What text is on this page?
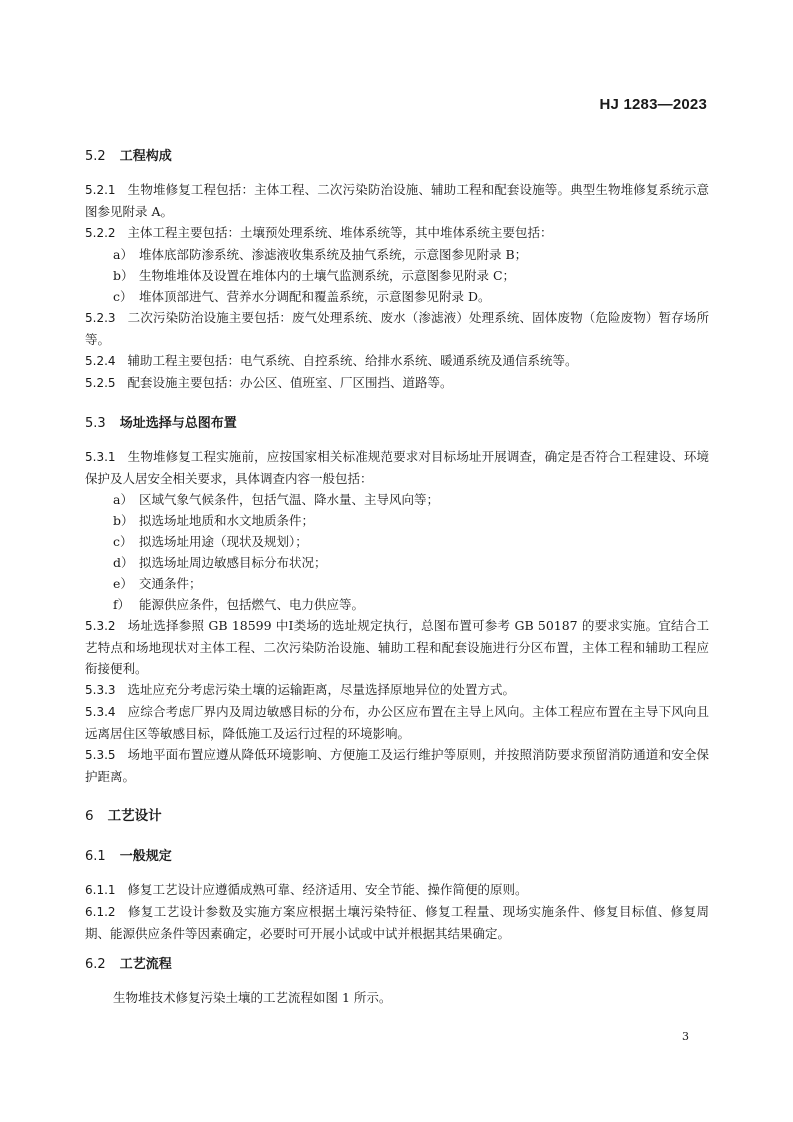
HJ 1283—2023
5.2 工程构成
5.2.1 生物堆修复工程包括：主体工程、二次污染防治设施、辅助工程和配套设施等。典型生物堆修复系统示意图参见附录 A。
5.2.2 主体工程主要包括：土壤预处理系统、堆体系统等，其中堆体系统主要包括：
a） 堆体底部防渗系统、渗滤液收集系统及抽气系统，示意图参见附录 B；
b） 生物堆堆体及设置在堆体内的土壤气监测系统，示意图参见附录 C；
c） 堆体顶部进气、营养水分调配和覆盖系统，示意图参见附录 D。
5.2.3 二次污染防治设施主要包括：废气处理系统、废水（渗滤液）处理系统、固体废物（危险废物）暂存场所等。
5.2.4 辅助工程主要包括：电气系统、自控系统、给排水系统、暖通系统及通信系统等。
5.2.5 配套设施主要包括：办公区、值班室、厂区围挡、道路等。
5.3 场址选择与总图布置
5.3.1 生物堆修复工程实施前，应按国家相关标准规范要求对目标场址开展调查，确定是否符合工程建设、环境保护及人居安全相关要求，具体调查内容一般包括：
a） 区域气象气候条件，包括气温、降水量、主导风向等；
b） 拟选场址地质和水文地质条件；
c） 拟选场址用途（现状及规划）；
d） 拟选场址周边敏感目标分布状况；
e） 交通条件；
f） 能源供应条件，包括燃气、电力供应等。
5.3.2 场址选择参照 GB 18599 中Ⅰ类场的选址规定执行，总图布置可参考 GB 50187 的要求实施。宜结合工艺特点和场地现状对主体工程、二次污染防治设施、辅助工程和配套设施进行分区布置，主体工程和辅助工程应衔接便利。
5.3.3 选址应充分考虑污染土壤的运输距离，尽量选择原地异位的处置方式。
5.3.4 应综合考虑厂界内及周边敏感目标的分布，办公区应布置在主导上风向。主体工程应布置在主导下风向且远离居住区等敏感目标，降低施工及运行过程的环境影响。
5.3.5 场地平面布置应遵从降低环境影响、方便施工及运行维护等原则，并按照消防要求预留消防通道和安全保护距离。
6 工艺设计
6.1 一般规定
6.1.1 修复工艺设计应遵循成熟可靠、经济适用、安全节能、操作简便的原则。
6.1.2 修复工艺设计参数及实施方案应根据土壤污染特征、修复工程量、现场实施条件、修复目标值、修复周期、能源供应条件等因素确定，必要时可开展小试或中试并根据其结果确定。
6.2 工艺流程
生物堆技术修复污染土壤的工艺流程如图 1 所示。
3
